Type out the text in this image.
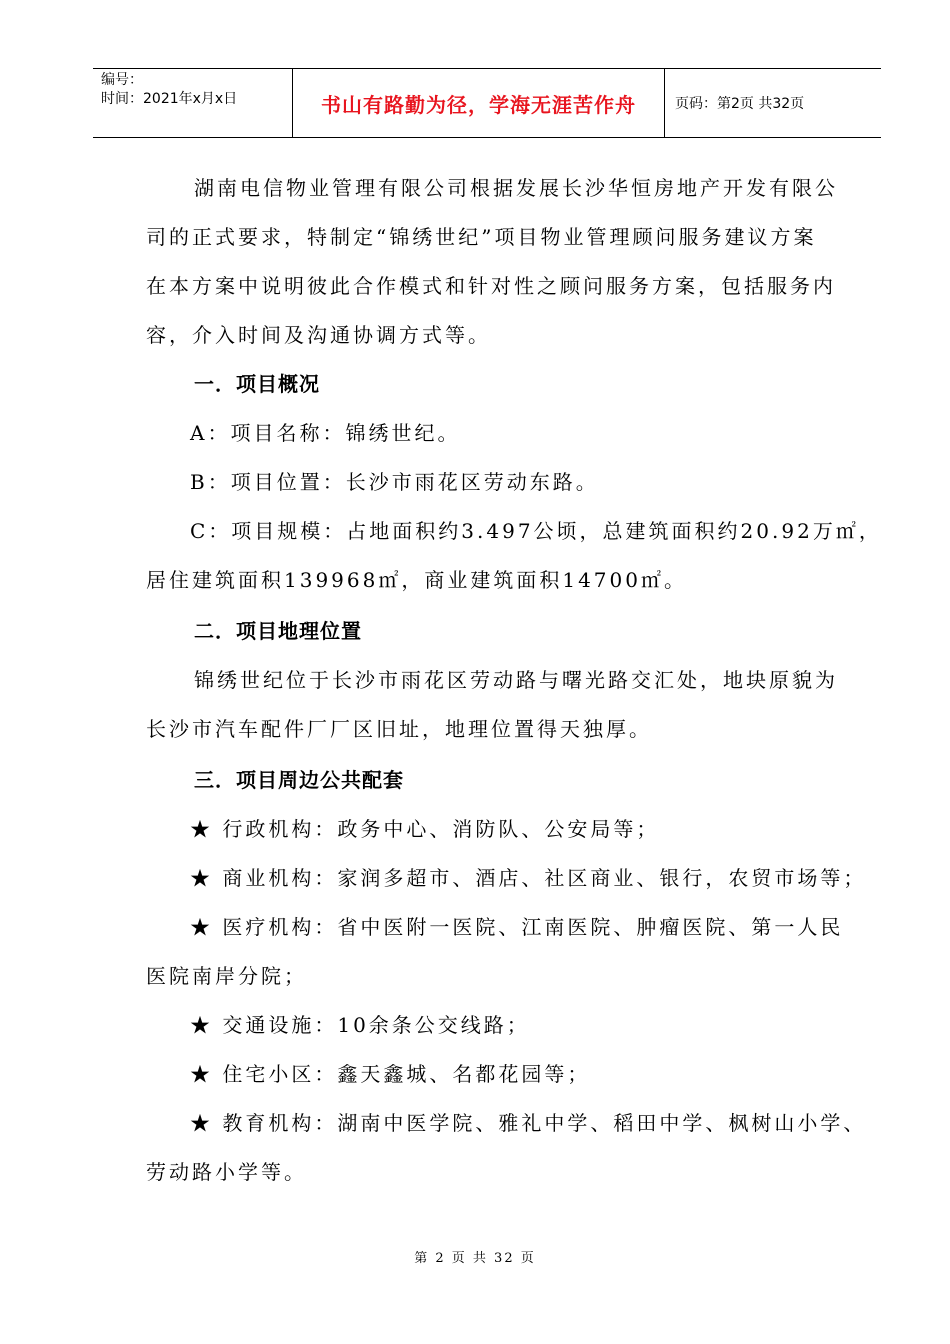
编号：
时间：2021年x月x日	书山有路勤为径，学海无涯苦作舟	页码：第2页 共32页
湖南电信物业管理有限公司根据发展长沙华恒房地产开发有限公
司的正式要求，特制定“锦绣世纪”项目物业管理顾问服务建议方案
在本方案中说明彼此合作模式和针对性之顾问服务方案，包括服务内
容，介入时间及沟通协调方式等。
一．项目概况
A：项目名称：锦绣世纪。
B：项目位置：长沙市雨花区劳动东路。
C：项目规模：占地面积约3.497公顷，总建筑面积约20.92万㎡，
居住建筑面积139968㎡，商业建筑面积14700㎡。
二．项目地理位置
锦绣世纪位于长沙市雨花区劳动路与曙光路交汇处，地块原貌为
长沙市汽车配件厂厂区旧址，地理位置得天独厚。
三．项目周边公共配套
★ 行政机构：政务中心、消防队、公安局等；
★ 商业机构：家润多超市、酒店、社区商业、银行，农贸市场等；
★ 医疗机构：省中医附一医院、江南医院、肿瘤医院、第一人民
医院南岸分院；
★ 交通设施：10余条公交线路；
★ 住宅小区：鑫天鑫城、名都花园等；
★ 教育机构：湖南中医学院、雅礼中学、稻田中学、枫树山小学、
劳动路小学等。
第 2 页 共 32 页
